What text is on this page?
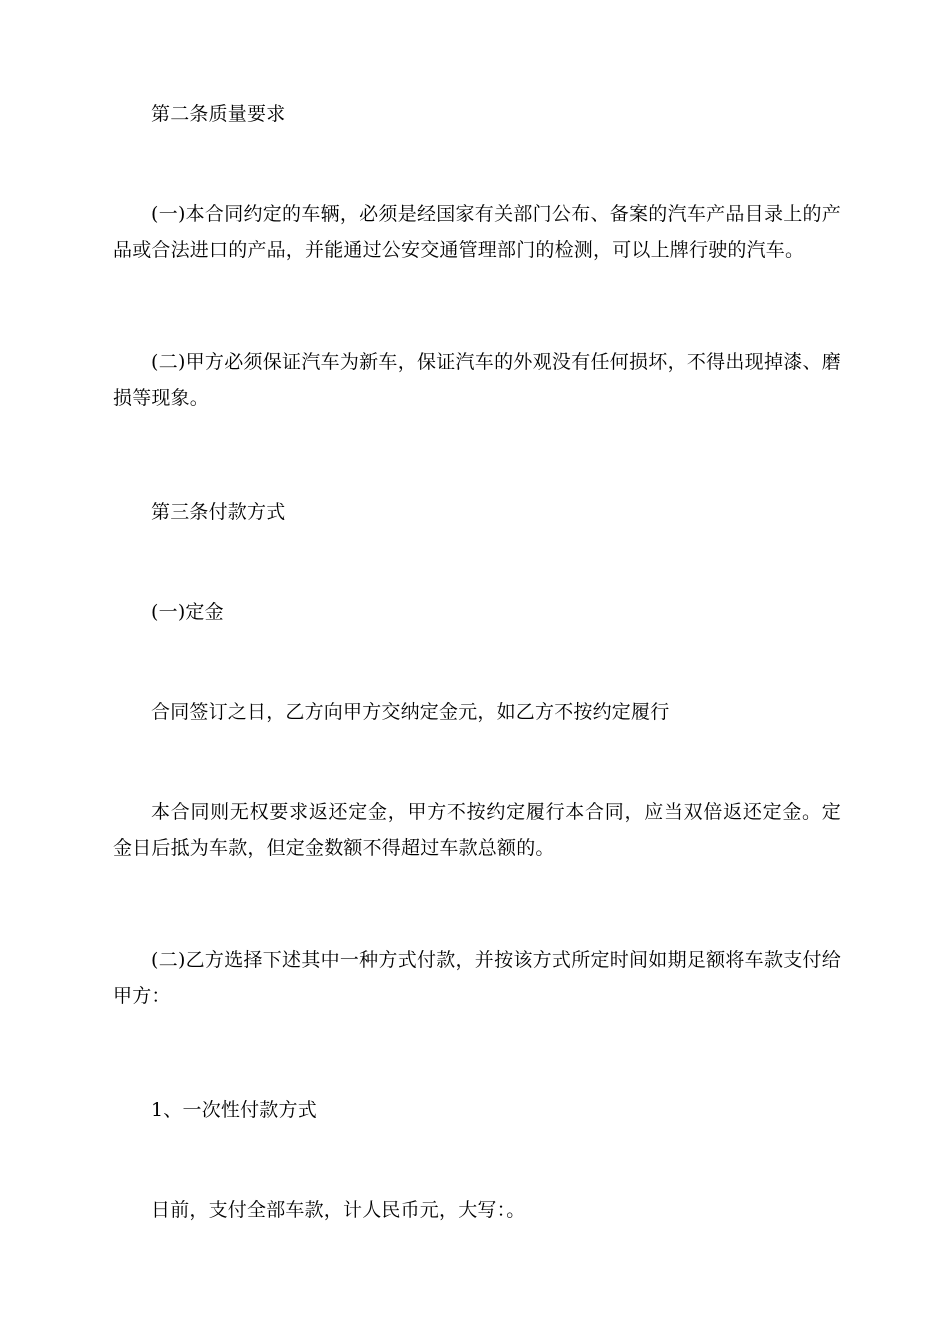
第二条质量要求

(一)本合同约定的车辆，必须是经国家有关部门公布、备案的汽车产品目录上的产品或合法进口的产品，并能通过公安交通管理部门的检测，可以上牌行驶的汽车。

(二)甲方必须保证汽车为新车，保证汽车的外观没有任何损坏，不得出现掉漆、磨损等现象。

第三条付款方式

(一)定金

合同签订之日，乙方向甲方交纳定金元，如乙方不按约定履行

本合同则无权要求返还定金，甲方不按约定履行本合同，应当双倍返还定金。定金日后抵为车款，但定金数额不得超过车款总额的。

(二)乙方选择下述其中一种方式付款，并按该方式所定时间如期足额将车款支付给甲方：

1、一次性付款方式

日前，支付全部车款，计人民币元，大写：。
